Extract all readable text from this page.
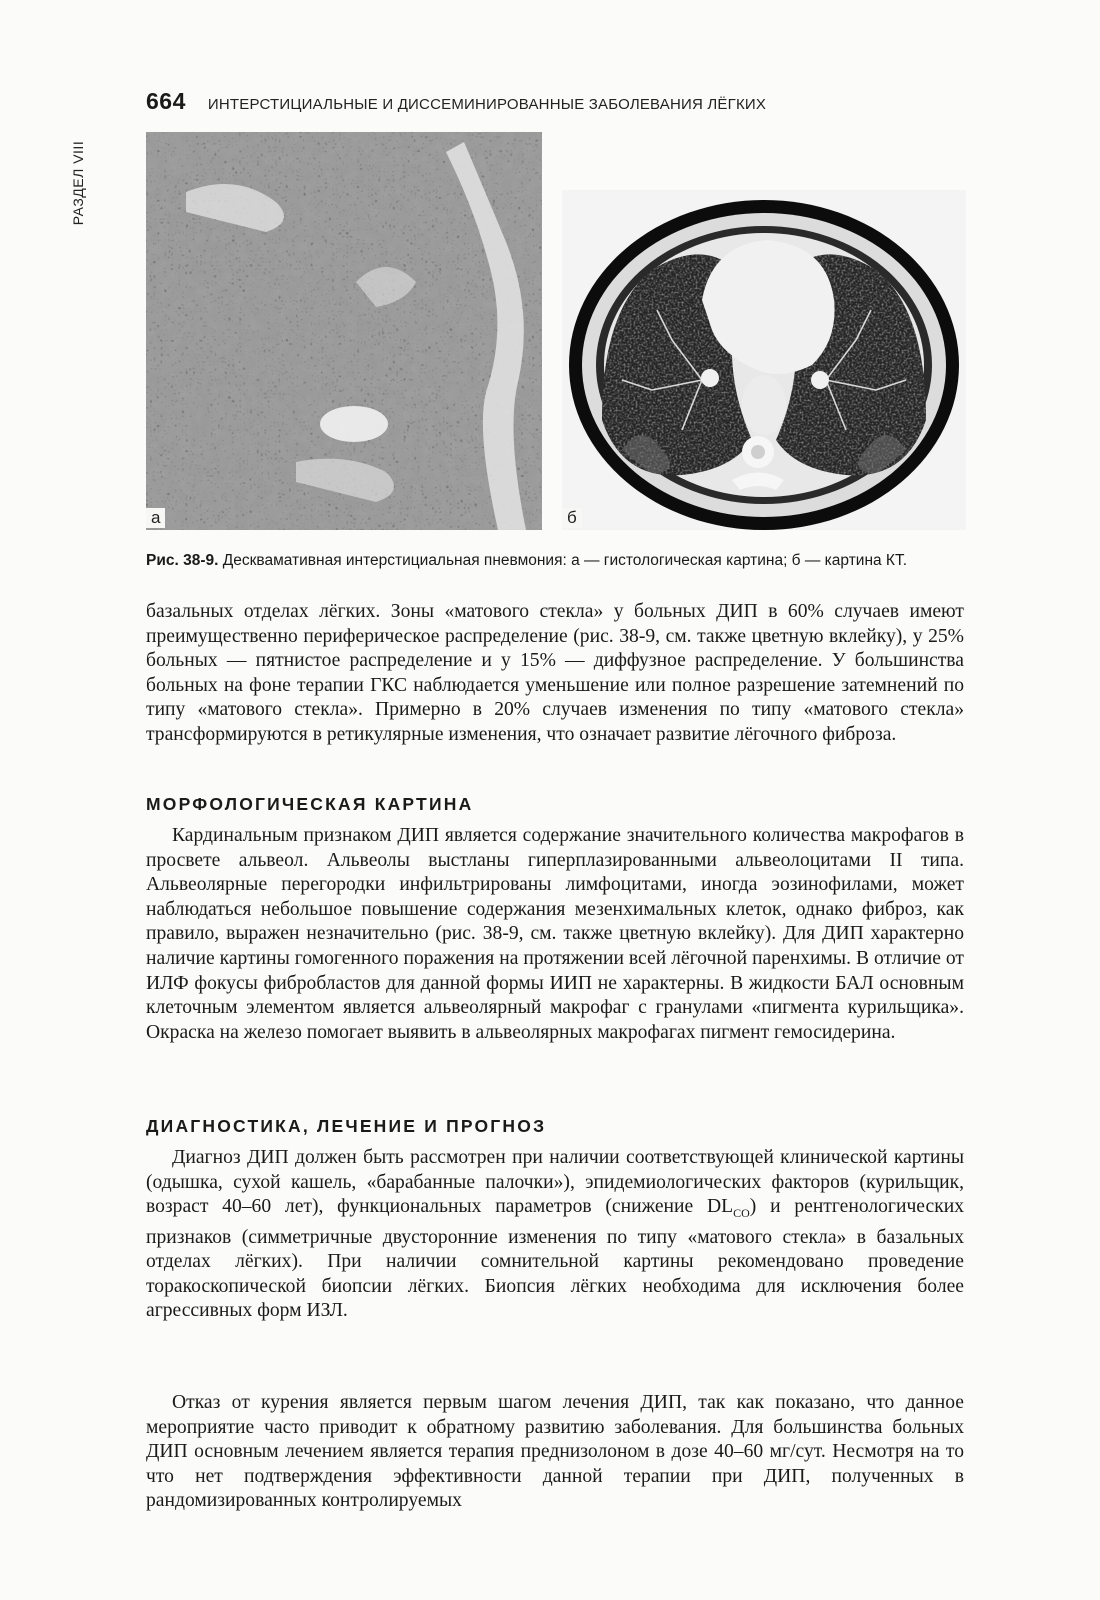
РАЗДЕЛ VIII
664 ИНТЕРСТИЦИАЛЬНЫЕ И ДИССЕМИНИРОВАННЫЕ ЗАБОЛЕВАНИЯ ЛЁГКИХ
а	б
Рис. 38-9. Десквамативная интерстициальная пневмония: а — гистологическая картина; б — картина КТ.

базальных отделах лёгких. Зоны «матового стекла» у больных ДИП в 60% случаев имеют преимущественно периферическое распределение (рис. 38-9, см. также цветную вклейку), у 25% больных — пятнистое распределение и у 15% — диффузное распределение. У большинства больных на фоне терапии ГКС наблюдается уменьшение или полное разрешение затемнений по типу «матового стекла». Примерно в 20% случаев изменения по типу «матового стекла» трансформируются в ретикулярные изменения, что означает развитие лёгочного фиброза.

МОРФОЛОГИЧЕСКАЯ КАРТИНА

Кардинальным признаком ДИП является содержание значительного количества макрофагов в просвете альвеол. Альвеолы выстланы гиперплазированными альвеолоцитами II типа. Альвеолярные перегородки инфильтрированы лимфоцитами, иногда эозинофилами, может наблюдаться небольшое повышение содержания мезенхимальных клеток, однако фиброз, как правило, выражен незначительно (рис. 38-9, см. также цветную вклейку). Для ДИП характерно наличие картины гомогенного поражения на протяжении всей лёгочной паренхимы. В отличие от ИЛФ фокусы фибробластов для данной формы ИИП не характерны. В жидкости БАЛ основным клеточным элементом является альвеолярный макрофаг с гранулами «пигмента курильщика». Окраска на железо помогает выявить в альвеолярных макрофагах пигмент гемосидерина.

ДИАГНОСТИКА, ЛЕЧЕНИЕ И ПРОГНОЗ

Диагноз ДИП должен быть рассмотрен при наличии соответствующей клинической картины (одышка, сухой кашель, «барабанные палочки»), эпидемиологических факторов (курильщик, возраст 40–60 лет), функциональных параметров (снижение $DL_{CO}$) и рентгенологических признаков (симметричные двусторонние изменения по типу «матового стекла» в базальных отделах лёгких). При наличии сомнительной картины рекомендовано проведение торакоскопической биопсии лёгких. Биопсия лёгких необходима для исключения более агрессивных форм ИЗЛ.

Отказ от курения является первым шагом лечения ДИП, так как показано, что данное мероприятие часто приводит к обратному развитию заболевания. Для большинства больных ДИП основным лечением является терапия преднизолоном в дозе 40–60 мг/сут. Несмотря на то что нет подтверждения эффективности данной терапии при ДИП, полученных в рандомизированных контролируемых
